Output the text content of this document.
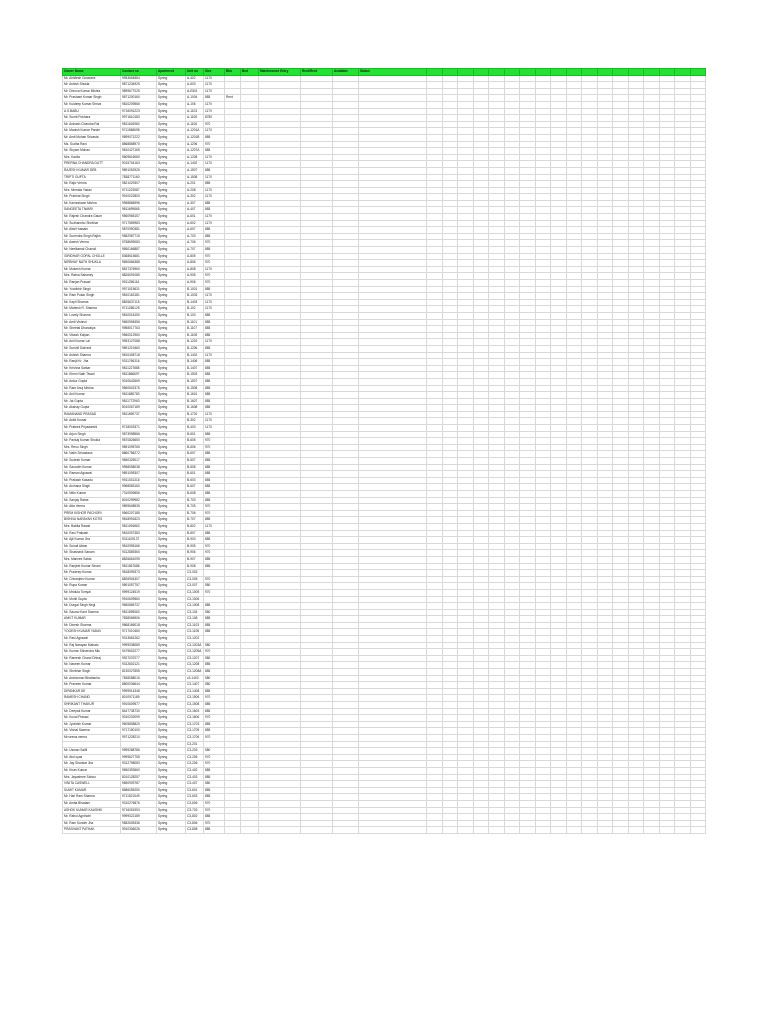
Owner Name	Contact no	Apartment	Unit no	Size	Bhk	Bed	Maintenance Entry	Rent/Rent	Available	Status																		
Mr. Akhilesh Goswami	9953654884	Spring	A-402	1170																								
Mr. Ashish Shukla	9871234925	Spring	A-603	1170																								
Mr. Dhruva Kumar Mishra	9899677025	Spring	A-E501	1170																								
Mr. Prashant Kumar Singh	9871200160	Spring	A-1004	885	Rent																							
Mr. Kuldeep Kumar Shriva	9810209566	Spring	A-106	1170																								
A.S.BABU	9716091223	Spring	A-1103	1170																								
Mr. Sumit Pokhara	9971610183	Spring	A-1105	8780																								
Mr. Avinash Chandra Rai	9811616960	Spring	A-1106	970																								
Mr. Manish Kumar Pande	9711568698	Spring	A-1201A	1170																								
Mr. Amit Mohan Srivasta	9899071222	Spring	A-1201B	885																								
Ms. Sudha Rani	8868868970	Spring	A-1206	970																								
Mr. Shyam Mohan	9810427165	Spring	A-1207A	885																								
Mrs. Kavita	9609616080	Spring	A-1208	1170																								
PRERNA CHANDRA DUTT	9015704163	Spring	A-1402	1170																								
RAJESH KUMAR DEB	9891052925	Spring	A-1507	885																								
TRIPTI GUPTA	7838771160	Spring	A-1508	1170																								
Mr. Rajiv Verma	9821029307	Spring	A-201	885																								
Mrs. Nirmala Yadav	9711223587	Spring	A-208	1170																								
Mr. Prabhat Singh	9910022800	Spring	A-302	1170																								
Mr. Kameshwar Mishra	9958866996	Spring	A-307	885																								
SANGEETA TIWARI	9811699865	Spring	A-407	885																								
Mr. Rajesh Chandra Gaum	9560965157	Spring	A-601	1170																								
Mr. Sudhanshu Shekhar	9717569983	Spring	A-602	1170																								
Mr. Altaf Hussain	9870990381	Spring	A-607	885																								
Mr. Surendra Singh Rajbh	9582987715	Spring	A-703	885																								
Mr. Awesh Verma	9758699083	Spring	A-706	970																								
Mr. Neelkamal Chanoli	9650166887	Spring	A-707	885																								
GIRIDHAR GOPAL CHOLLE	8368615681	Spring	A-805	970																								
NIRBHAY NATH SHUKLA	9650666388	Spring	A-806	970																								
Mr. Mukesh Kumar	8527376960	Spring	A-808	1170																								
Mrs. Ratna Sahaney	8826091085	Spring	A-905	970																								
Mr. Ranjan Prasad	9911256116	Spring	A-906	970																								
Mr. Yoodhbir Singh	9971015631	Spring	B-1001	885																								
Mr. Ram Pukar Singh	9810163181	Spring	B-1003	1170																								
Mr. Kapil Sharma	8826637115	Spring	B-1403	1170																								
Mr. Mahesh R. Sharma	9711286125	Spring	B-102	1170																								
Mr. Lovely Sharma	9810018150	Spring	B-103	885																								
Mr. Amit Vishnoi	9650994556	Spring	B-1101	885																								
Mr. Sheetal Dhanotiya	9958017763	Spring	B-1107	885																								
Mr. Vikash Kalyan	9560012960	Spring	B-1108	885																								
Mr. Anil Kumar Lal	9953127088	Spring	B-1202	1170																								
Mr. Surshil Dwivedi	9891219460	Spring	B-1206	885																								
Mr. Ashish Sharma	9810408718	Spring	B-1402	1170																								
Mr. Ranjit Kr. Jha	9311766316	Spring	B-1406	885																								
Mr. Krishna Sarkar	9811227885	Spring	B-1407	885																								
Mr. Khem Nath Tiwari	9811866697	Spring	B-1503	885																								
Mr. Ankur Gupta	9310642669	Spring	B-1507	885																								
Mr. Ram Anuj Mishra	9560602376	Spring	B-1508	885																								
Mr. Anil Kumar	9811680783	Spring	B-1601	885																								
Mr. Jai Gupta	9811772963	Spring	B-1607	885																								
Mr. Akshay Gupta	8010067189	Spring	B-1608	885																								
RAMANAND PRASAD	9811690737	Spring	B-1702	1170																								
Mr. Ankit Kumar		Spring	B-302	1170																								
Mr. Prateek Priyadarshi	9718003371	Spring	B-403	1170																								
Mr. Arjun Singh	9873998566	Spring	B-601	885																								
Mr. Pankaj Kumar Shukla	9870826650	Spring	B-605	970																								
Mrs. Renu Singh	9891095765	Spring	B-606	970																								
Mr. Nalin Srivastava	8860786272	Spring	B-607	885																								
Mr. Sudesh Kumar	9650325017	Spring	B-507	885																								
Mr. Saurabh Kumar	9958058038	Spring	B-508	885																								
Mr. Raman Agrawal	9891095307	Spring	B-601	885																								
Mr. Prakash Kasadu	9911031316	Spring	B-603	885																								
Mr. Archana Singh	9968583160	Spring	B-607	885																								
Mr. Nitin Kumar	7310909656	Spring	B-608	885																								
Mr. Sanjay Ratna	8010299982	Spring	B-703	885																								
Mr. Atta Verma	9899608535	Spring	B-705	970																								
PREM KISHOR PACHORI	9560207185	Spring	B-706	970																								
BISHNU NARAYAN KOTIS	9818991823	Spring	B-707	885																								
Mrs. Babita Rawat	9811094863	Spring	B-802	1170																								
Mr. Ravi Prakash	9810097383	Spring	B-807	885																								
Mr. Ajit Kumar Jha	9311109137	Spring	B-903	885																								
Mr. Suhail Akbar	9810995166	Spring	B-905	970																								
Mr. Shashank Sanam	9312889360	Spring	B-906	970																								
Mrs. Manvee Sabia	8826661095	Spring	B-907	885																								
Mr. Ranjeet Kumar Sinam	9811567686	Spring	B-908	885																								
Mr. Pradeep Kumar	9818099373	Spring	C3-003																									
Mr. Chiranjeev Kumar	8826904307	Spring	C3-005	970																								
Mr. Rupa Kumar	9891057757	Spring	C3-007	580																								
Mr. Mridula Tomyal	9999124519	Spring	C3-1005	970																								
Mr. Mohit Gupta	9910609560	Spring	C3-1006																									
Mr. Durgai Singh Negi	9650866737	Spring	C3-1008	885																								
Mr. Saurav Kant Saxena	9811595563	Spring	C3-104	580																								
ANKIT KUMAR	7838066906	Spring	C3-108	885																								
Mr. Dinesh Sharma	9868166018	Spring	C3-1103	885																								
YOGESH KUMAR YADAV	9717010460	Spring	C3-1108	885																								
Mr. Ravi Agrawal	9313661262	Spring	C3-1202																									
Mr. Raj Narayan Mahato	9999038089	Spring	C3-1203A	580																								
Mr. Kumar Shivendra Mis	9479602277	Spring	C3-1205A	970																								
Mr. Ramesh Chand Dhiraj	9927037077	Spring	C3-1207	580																								
Mr. Naveen Kumar	9312602121	Spring	C3-1208	885																								
Mr. Shekhar Singh	8130027855	Spring	C3-1208A	885																								
Mr. Anshuman Bhattacha	7838088016	Spring	c3-1403	580																								
Mr. Praveen Kumar	8800036644	Spring	C3-1407	580																								
DIPANKAR DE	9999914348	Spring	C3-1408	885																								
RAMESH CHAND	8010971189	Spring	C3-1506	970																								
SHRIKANT THAKUR	9910609577	Spring	C3-1508	885																								
Mr. Deepak Kumar	8447738730	Spring	C3-1603	885																								
Mr. Kunal Prasad	9310202099	Spring	C3-1606	970																								
Mr. Jyotirish Kumar	9605808820	Spring	C3-1703	885																								
Mr. Vishal Saxena	9717150100	Spring	C3-1705	885																								
Mr.veena verma	9971228210	Spring	C3-1706	970																								
		Spring	C3-201																									
Mr. Usman Saifii	9999288786	Spring	C3-203	580																								
Mr. Atul oyas	9999627755	Spring	C3-205	970																								
Mr. Jay Shankar Jha	9312798083	Spring	C3-206	970																								
Mr. Kiran Kumar	9650393560	Spring	C3-402	885																								
Mrs. Jayashree Sahoo	8010128257	Spring	C3-403	885																								
VINITA CASWELL	9650909787	Spring	C3-407	580																								
SUMIT KUMAR	8586055250	Spring	C3-601	885																								
Mr. Hari Ram Sharma	9711521549	Spring	C3-603	885																								
Mr. Amita Bhadani	9310276876	Spring	C3-606	970																								
ASHOK KUMAR KAUSHIK	9716051993	Spring	C3-703	970																								
Mr. Rahul Agnihotri	9999022189	Spring	C3-802	885																								
Mr. Ram Sunder Jha	9582605336	Spring	C3-806	970																								
PRASHANT PATHAK	9910306026	Spring	C3-808	885																								
